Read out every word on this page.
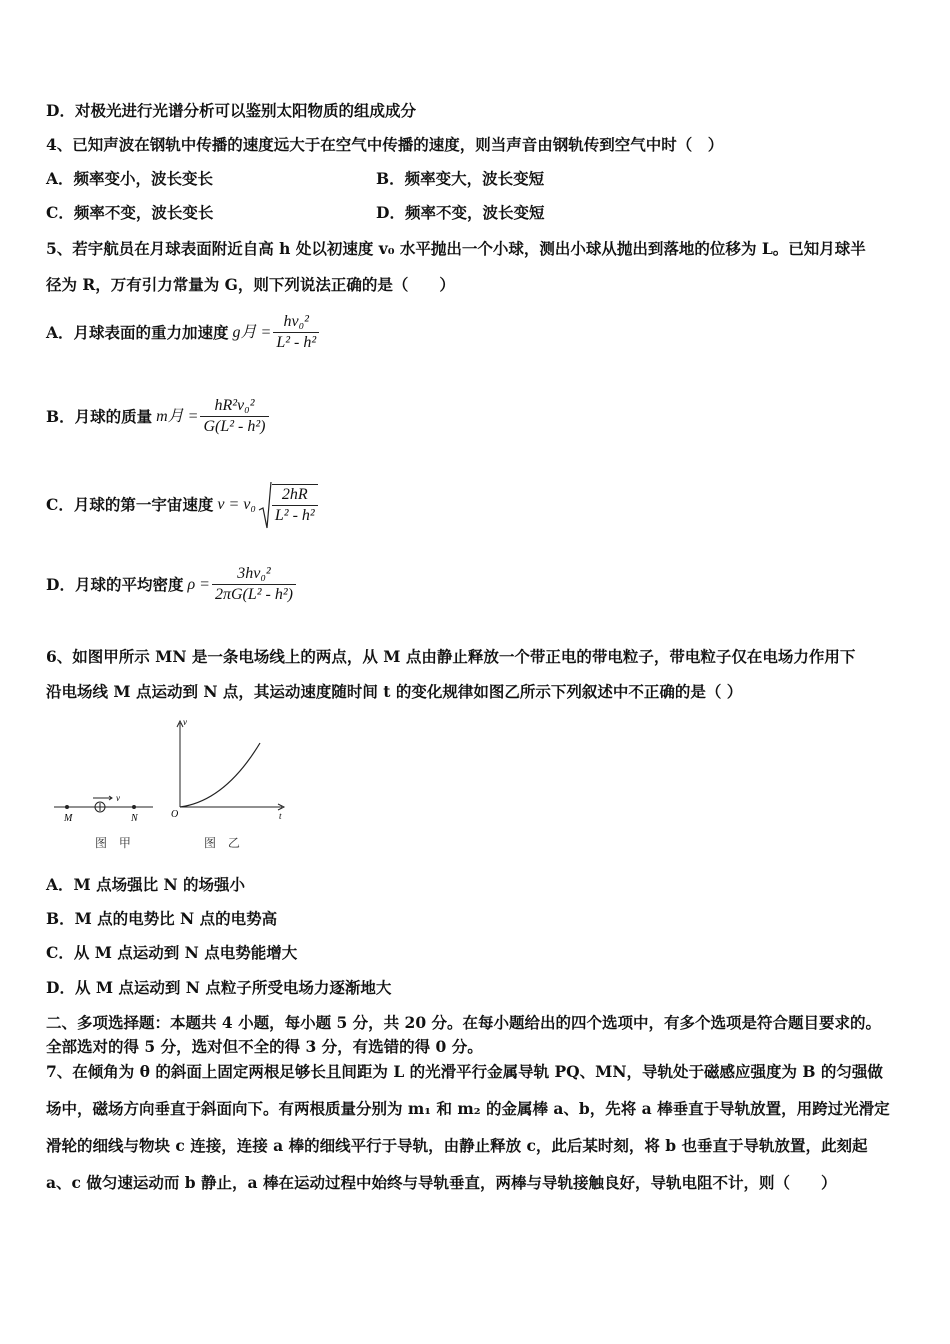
D．对极光进行光谱分析可以鉴别太阳物质的组成成分
4、已知声波在钢轨中传播的速度远大于在空气中传播的速度，则当声音由钢轨传到空气中时（　）
A．频率变小，波长变长	B．频率变大，波长变短
C．频率不变，波长变长	D．频率不变，波长变短
5、若宇航员在月球表面附近自高 h 处以初速度 v₀ 水平抛出一个小球，测出小球从抛出到落地的位移为 L。已知月球半
径为 R，万有引力常量为 G，则下列说法正确的是（　　）
A．月球表面的重力加速度 g月 = $\frac{\text{hv₀²}}{\text{L² - h²}}$
B．月球的质量 m月 = $\frac{\text{hR²v₀²}}{\text{G(L² - h²)}}$
C．月球的第一宇宙速度 $v = v_0 \frac{2hR}{\text{L² - h²}}$
D．月球的平均密度 $\rho = \frac{\text{3hv₀²}}{\text{2πG(L² - h²)}}$
6、如图甲所示 MN 是一条电场线上的两点，从 M 点由静止释放一个带正电的带电粒子，带电粒子仅在电场力作用下
沿电场线 M 点运动到 N 点，其运动速度随时间 t 的变化规律如图乙所示下列叙述中不正确的是（ ）
M	N
v
v
t
O
图 甲	图 乙
A．M 点场强比 N 的场强小
B．M 点的电势比 N 点的电势高
C．从 M 点运动到 N 点电势能增大
D．从 M 点运动到 N 点粒子所受电场力逐渐地大
二、多项选择题：本题共 4 小题，每小题 5 分，共 20 分。在每小题给出的四个选项中，有多个选项是符合题目要求的。
全部选对的得 5 分，选对但不全的得 3 分，有选错的得 0 分。
7、在倾角为 θ 的斜面上固定两根足够长且间距为 L 的光滑平行金属导轨 PQ、MN，导轨处于磁感应强度为 B 的匀强做
场中，磁场方向垂直于斜面向下。有两根质量分别为 m₁ 和 m₂ 的金属棒 a、b，先将 a 棒垂直于导轨放置，用跨过光滑定
滑轮的细线与物块 c 连接，连接 a 棒的细线平行于导轨，由静止释放 c，此后某时刻，将 b 也垂直于导轨放置，此刻起
a、c 做匀速运动而 b 静止，a 棒在运动过程中始终与导轨垂直，两棒与导轨接触良好，导轨电阻不计，则（　　）
